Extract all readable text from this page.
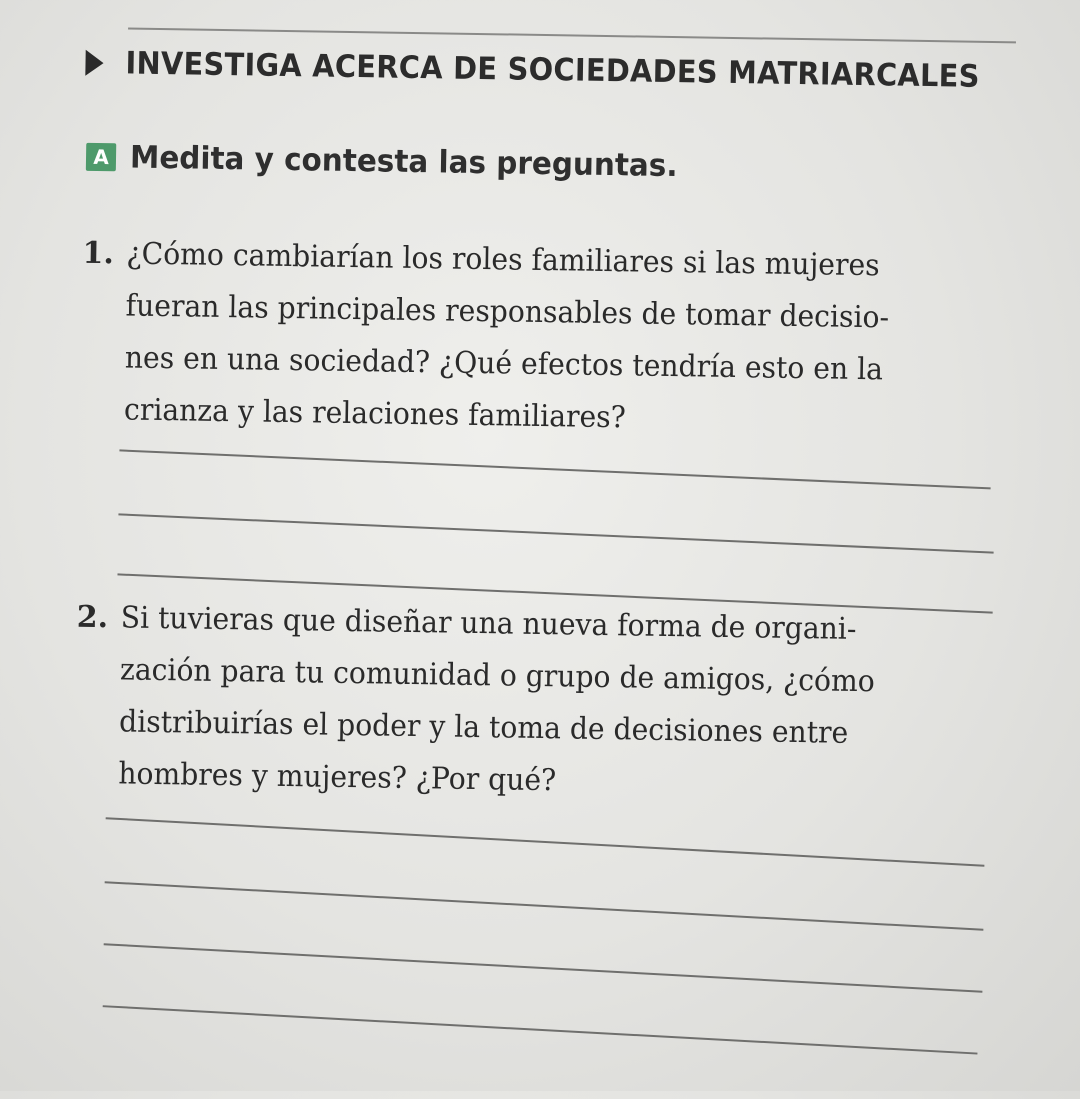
INVESTIGA ACERCA DE SOCIEDADES MATRIARCALES
A Medita y contesta las preguntas.
1. ¿Cómo cambiarían los roles familiares si las mujeres
fueran las principales responsables de tomar decisio-
nes en una sociedad? ¿Qué efectos tendría esto en la
crianza y las relaciones familiares?
2. Si tuvieras que diseñar una nueva forma de organi-
zación para tu comunidad o grupo de amigos, ¿cómo
distribuirías el poder y la toma de decisiones entre
hombres y mujeres? ¿Por qué?
